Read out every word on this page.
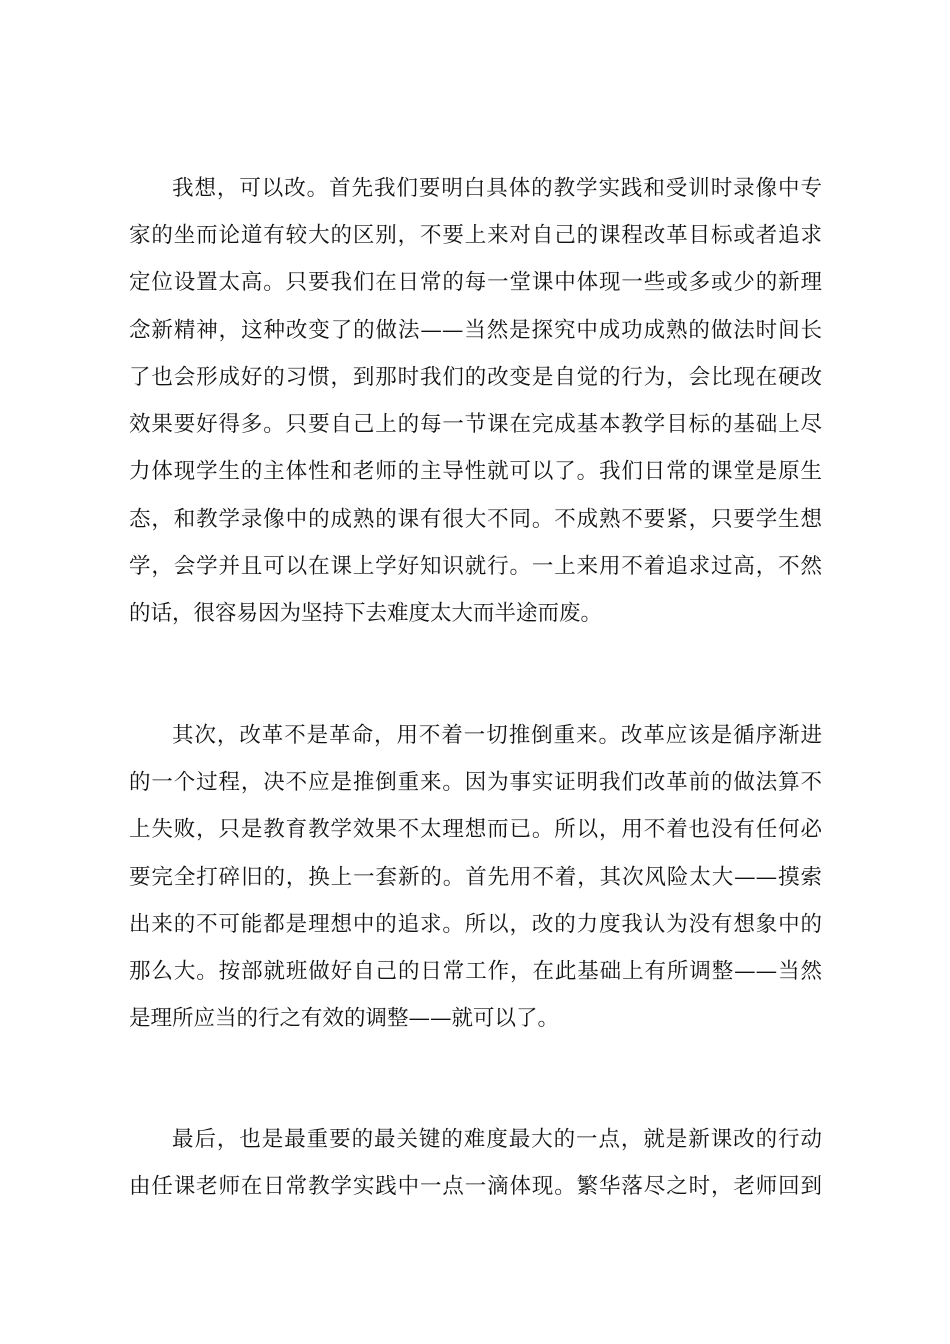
我想，可以改。首先我们要明白具体的教学实践和受训时录像中专
家的坐而论道有较大的区别，不要上来对自己的课程改革目标或者追求
定位设置太高。只要我们在日常的每一堂课中体现一些或多或少的新理
念新精神，这种改变了的做法——当然是探究中成功成熟的做法时间长
了也会形成好的习惯，到那时我们的改变是自觉的行为，会比现在硬改
效果要好得多。只要自己上的每一节课在完成基本教学目标的基础上尽
力体现学生的主体性和老师的主导性就可以了。我们日常的课堂是原生
态，和教学录像中的成熟的课有很大不同。不成熟不要紧，只要学生想
学，会学并且可以在课上学好知识就行。一上来用不着追求过高，不然
的话，很容易因为坚持下去难度太大而半途而废。
其次，改革不是革命，用不着一切推倒重来。改革应该是循序渐进
的一个过程，决不应是推倒重来。因为事实证明我们改革前的做法算不
上失败，只是教育教学效果不太理想而已。所以，用不着也没有任何必
要完全打碎旧的，换上一套新的。首先用不着，其次风险太大——摸索
出来的不可能都是理想中的追求。所以，改的力度我认为没有想象中的
那么大。按部就班做好自己的日常工作，在此基础上有所调整——当然
是理所应当的行之有效的调整——就可以了。
最后，也是最重要的最关键的难度最大的一点，就是新课改的行动
由任课老师在日常教学实践中一点一滴体现。繁华落尽之时，老师回到
